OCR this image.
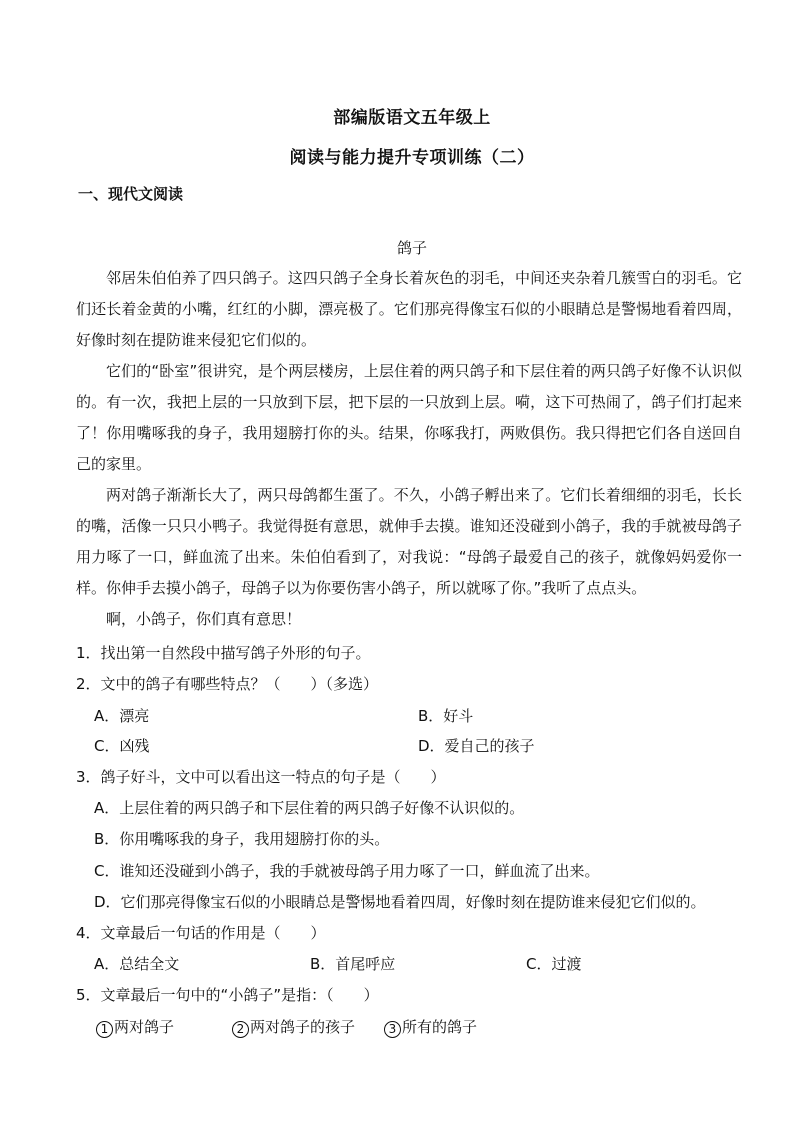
部编版语文五年级上
阅读与能力提升专项训练（二）
一、现代文阅读
鸽子

邻居朱伯伯养了四只鸽子。这四只鸽子全身长着灰色的羽毛，中间还夹杂着几簇雪白的羽毛。它们还长着金黄的小嘴，红红的小脚，漂亮极了。它们那亮得像宝石似的小眼睛总是警惕地看着四周，好像时刻在提防谁来侵犯它们似的。

它们的“卧室”很讲究，是个两层楼房，上层住着的两只鸽子和下层住着的两只鸽子好像不认识似的。有一次，我把上层的一只放到下层，把下层的一只放到上层。嗬，这下可热闹了，鸽子们打起来了！你用嘴啄我的身子，我用翅膀打你的头。结果，你啄我打，两败俱伤。我只得把它们各自送回自己的家里。

两对鸽子渐渐长大了，两只母鸽都生蛋了。不久，小鸽子孵出来了。它们长着细细的羽毛，长长的嘴，活像一只只小鸭子。我觉得挺有意思，就伸手去摸。谁知还没碰到小鸽子，我的手就被母鸽子用力啄了一口，鲜血流了出来。朱伯伯看到了，对我说：“母鸽子最爱自己的孩子，就像妈妈爱你一样。你伸手去摸小鸽子，母鸽子以为你要伤害小鸽子，所以就啄了你。”我听了点点头。

啊，小鸽子，你们真有意思！

1．找出第一自然段中描写鸽子外形的句子。
2．文中的鸽子有哪些特点？（　　）（多选）
A．漂亮	B．好斗
C．凶残	D．爱自己的孩子
3．鸽子好斗，文中可以看出这一特点的句子是（　　）
A．上层住着的两只鸽子和下层住着的两只鸽子好像不认识似的。
B．你用嘴啄我的身子，我用翅膀打你的头。
C．谁知还没碰到小鸽子，我的手就被母鸽子用力啄了一口，鲜血流了出来。
D．它们那亮得像宝石似的小眼睛总是警惕地看着四周，好像时刻在提防谁来侵犯它们似的。
4．文章最后一句话的作用是（　　）
A．总结全文	B．首尾呼应	C．过渡
5．文章最后一句中的“小鸽子”是指：（　　）
1 两对鸽子	2 两对鸽子的孩子	3 所有的鸽子
